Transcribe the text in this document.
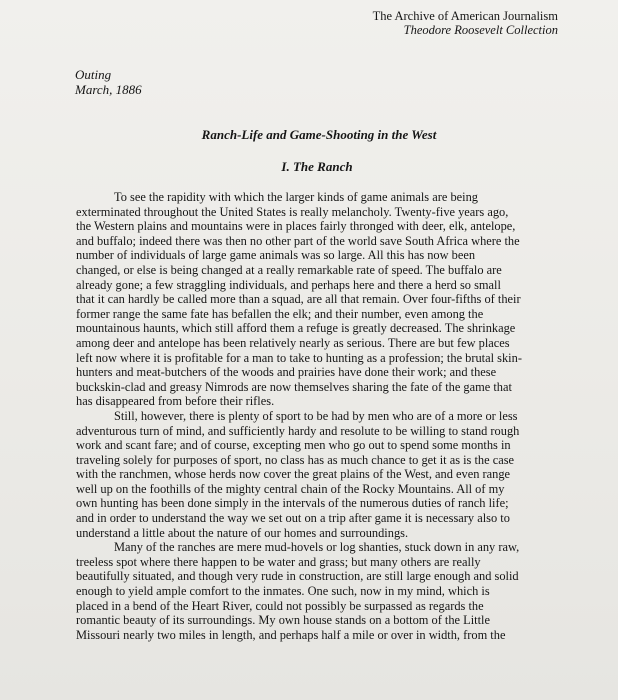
The Archive of American Journalism
Theodore Roosevelt Collection
Outing
March, 1886
Ranch-Life and Game-Shooting in the West
I. The Ranch
To see the rapidity with which the larger kinds of game animals are being
exterminated throughout the United States is really melancholy. Twenty-five years ago,
the Western plains and mountains were in places fairly thronged with deer, elk, antelope,
and buffalo; indeed there was then no other part of the world save South Africa where the
number of individuals of large game animals was so large. All this has now been
changed, or else is being changed at a really remarkable rate of speed. The buffalo are
already gone; a few straggling individuals, and perhaps here and there a herd so small
that it can hardly be called more than a squad, are all that remain. Over four-fifths of their
former range the same fate has befallen the elk; and their number, even among the
mountainous haunts, which still afford them a refuge is greatly decreased. The shrinkage
among deer and antelope has been relatively nearly as serious. There are but few places
left now where it is profitable for a man to take to hunting as a profession; the brutal skin-
hunters and meat-butchers of the woods and prairies have done their work; and these
buckskin-clad and greasy Nimrods are now themselves sharing the fate of the game that
has disappeared from before their rifles.
Still, however, there is plenty of sport to be had by men who are of a more or less
adventurous turn of mind, and sufficiently hardy and resolute to be willing to stand rough
work and scant fare; and of course, excepting men who go out to spend some months in
traveling solely for purposes of sport, no class has as much chance to get it as is the case
with the ranchmen, whose herds now cover the great plains of the West, and even range
well up on the foothills of the mighty central chain of the Rocky Mountains. All of my
own hunting has been done simply in the intervals of the numerous duties of ranch life;
and in order to understand the way we set out on a trip after game it is necessary also to
understand a little about the nature of our homes and surroundings.
Many of the ranches are mere mud-hovels or log shanties, stuck down in any raw,
treeless spot where there happen to be water and grass; but many others are really
beautifully situated, and though very rude in construction, are still large enough and solid
enough to yield ample comfort to the inmates. One such, now in my mind, which is
placed in a bend of the Heart River, could not possibly be surpassed as regards the
romantic beauty of its surroundings. My own house stands on a bottom of the Little
Missouri nearly two miles in length, and perhaps half a mile or over in width, from the
